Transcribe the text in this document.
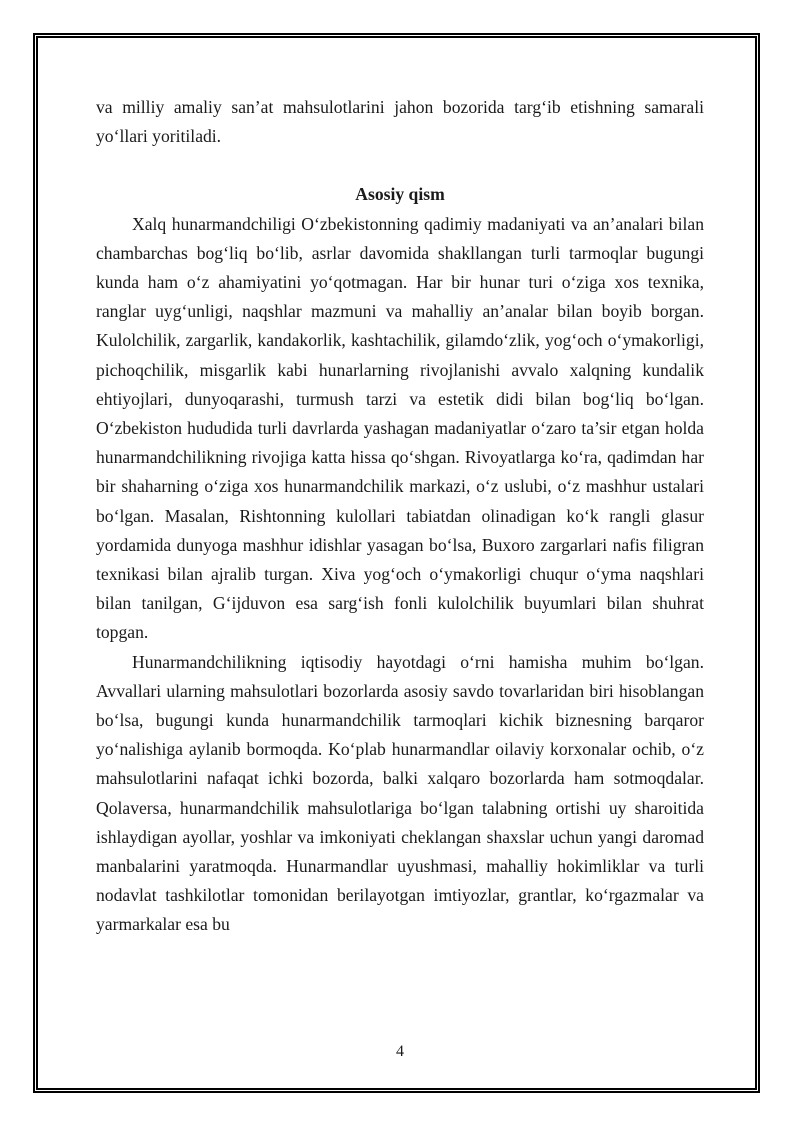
va milliy amaliy san’at mahsulotlarini jahon bozorida targ‘ib etishning samarali yo‘llari yoritiladi.

Asosiy qism

Xalq hunarmandchiligi O‘zbekistonning qadimiy madaniyati va an’analari bilan chambarchas bog‘liq bo‘lib, asrlar davomida shakllangan turli tarmoqlar bugungi kunda ham o‘z ahamiyatini yo‘qotmagan. Har bir hunar turi o‘ziga xos texnika, ranglar uyg‘unligi, naqshlar mazmuni va mahalliy an’analar bilan boyib borgan. Kulolchilik, zargarlik, kandakorlik, kashtachilik, gilamdo‘zlik, yog‘och o‘ymakorligi, pichoqchilik, misgarlik kabi hunarlarning rivojlanishi avvalo xalqning kundalik ehtiyojlari, dunyoqarashi, turmush tarzi va estetik didi bilan bog‘liq bo‘lgan. O‘zbekiston hududida turli davrlarda yashagan madaniyatlar o‘zaro ta’sir etgan holda hunarmandchilikning rivojiga katta hissa qo‘shgan. Rivoyatlarga ko‘ra, qadimdan har bir shaharning o‘ziga xos hunarmandchilik markazi, o‘z uslubi, o‘z mashhur ustalari bo‘lgan. Masalan, Rishtonning kulollari tabiatdan olinadigan ko‘k rangli glasur yordamida dunyoga mashhur idishlar yasagan bo‘lsa, Buxoro zargarlari nafis filigran texnikasi bilan ajralib turgan. Xiva yog‘och o‘ymakorligi chuqur o‘yma naqshlari bilan tanilgan, G‘ijduvon esa sarg‘ish fonli kulolchilik buyumlari bilan shuhrat topgan.

Hunarmandchilikning iqtisodiy hayotdagi o‘rni hamisha muhim bo‘lgan. Avvallari ularning mahsulotlari bozorlarda asosiy savdo tovarlaridan biri hisoblangan bo‘lsa, bugungi kunda hunarmandchilik tarmoqlari kichik biznesning barqaror yo‘nalishiga aylanib bormoqda. Ko‘plab hunarmandlar oilaviy korxonalar ochib, o‘z mahsulotlarini nafaqat ichki bozorda, balki xalqaro bozorlarda ham sotmoqdalar. Qolaversa, hunarmandchilik mahsulotlariga bo‘lgan talabning ortishi uy sharoitida ishlaydigan ayollar, yoshlar va imkoniyati cheklangan shaxslar uchun yangi daromad manbalarini yaratmoqda. Hunarmandlar uyushmasi, mahalliy hokimliklar va turli nodavlat tashkilotlar tomonidan berilayotgan imtiyozlar, grantlar, ko‘rgazmalar va yarmarkalar esa bu

4
